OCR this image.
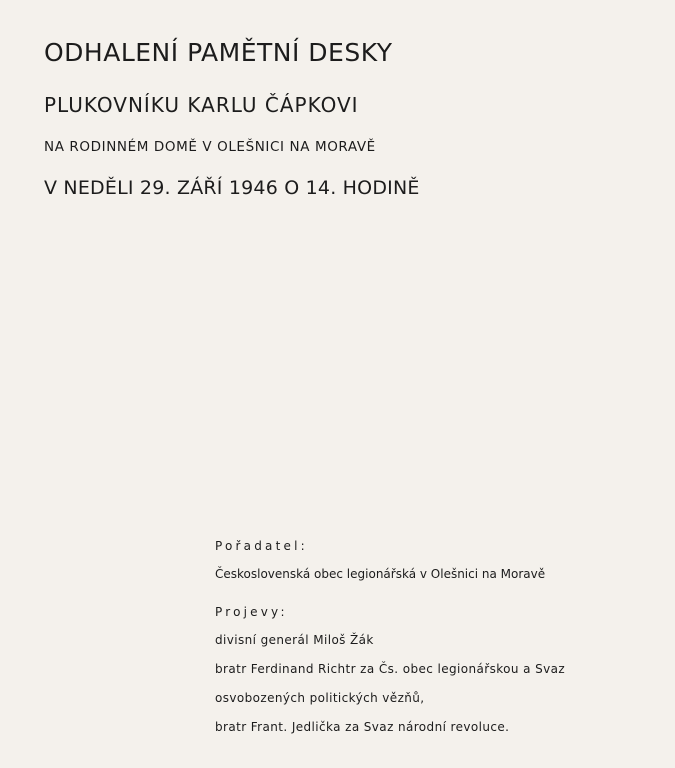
ODHALENÍ PAMĚTNÍ DESKY
PLUKOVNÍKU KARLU ČÁPKOVI
NA RODINNÉM DOMĚ V OLEŠNICI NA MORAVĚ
V NEDĚLI 29. ZÁŘÍ 1946 O 14. HODINĚ
Pořadatel:
Československá obec legionářská v Olešnici na Moravě
Projevy:
divisní generál Miloš Žák
bratr Ferdinand Richtr za Čs. obec legionářskou a Svaz
osvobozených politických vězňů,
bratr Frant. Jedlička za Svaz národní revoluce.
